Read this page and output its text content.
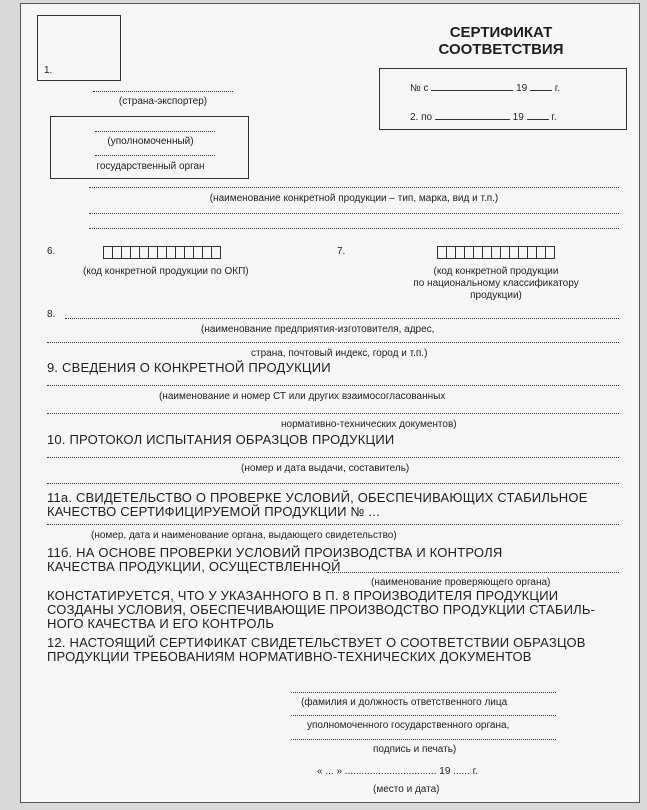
1.
СЕРТИФИКАТ
СООТВЕТСТВИЯ
№ с	19	г.
2. по	19	г.
(страна-экспортер)
(уполномоченный)
государственный орган
(наименование конкретной продукции – тип, марка, вид и т.п.)
6.
(код конкретной продукции по ОКП)
7.
(код конкретной продукции
по национальному классификатору
продукции)
8.
(наименование предприятия-изготовителя, адрес,
страна, почтовый индекс, город и т.п.)
9. СВЕДЕНИЯ О КОНКРЕТНОЙ ПРОДУКЦИИ
(наименование и номер СТ или других взаимосогласованных
нормативно-технических документов)
10. ПРОТОКОЛ ИСПЫТАНИЯ ОБРАЗЦОВ ПРОДУКЦИИ
(номер и дата выдачи, составитель)
11а. СВИДЕТЕЛЬСТВО О ПРОВЕРКЕ УСЛОВИЙ, ОБЕСПЕЧИВАЮЩИХ СТАБИЛЬНОЕ
КАЧЕСТВО СЕРТИФИЦИРУЕМОЙ ПРОДУКЦИИ № ...
(номер, дата и наименование органа, выдающего свидетельство)
11б. НА ОСНОВЕ ПРОВЕРКИ УСЛОВИЙ ПРОИЗВОДСТВА И КОНТРОЛЯ
КАЧЕСТВА ПРОДУКЦИИ, ОСУЩЕСТВЛЕННОЙ
(наименование проверяющего органа)
КОНСТАТИРУЕТСЯ, ЧТО У УКАЗАННОГО В П. 8 ПРОИЗВОДИТЕЛЯ ПРОДУКЦИИ
СОЗДАНЫ УСЛОВИЯ, ОБЕСПЕЧИВАЮЩИЕ ПРОИЗВОДСТВО ПРОДУКЦИИ СТАБИЛЬ-
НОГО КАЧЕСТВА И ЕГО КОНТРОЛЬ
12. НАСТОЯЩИЙ СЕРТИФИКАТ СВИДЕТЕЛЬСТВУЕТ О СООТВЕТСТВИИ ОБРАЗЦОВ
ПРОДУКЦИИ ТРЕБОВАНИЯМ НОРМАТИВНО-ТЕХНИЧЕСКИХ ДОКУМЕНТОВ
(фамилия и должность ответственного лица
уполномоченного государственного органа,
подпись и печать)
« ... » ................................. 19 ...... г.
(место и дата)
